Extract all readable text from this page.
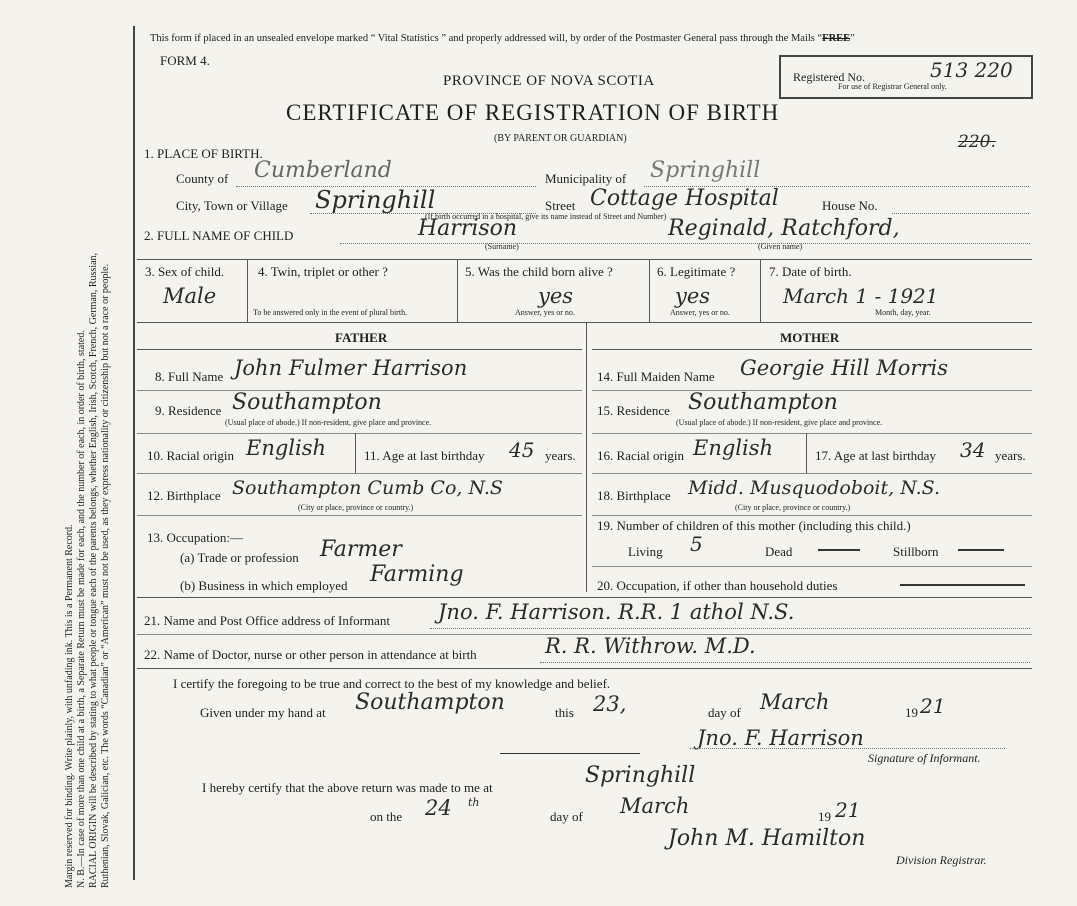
Margin reserved for binding. Write plainly, with unfading ink. This is a Permanent Record. N. B.—In case of more than one child at a birth, a Separate Return must be made for each, and the number of each, in order of birth, stated. RACIAL ORIGIN will be described by stating to what people or tongue each of the parents belongs, whether English, Irish, Scotch, French, German, Russian, Ruthenian, Slovak, Galician, etc. The words “Canadian” or “American” must not be used, as they express nationality or citizenship but not a race or people.
This form if placed in an unsealed envelope marked “ Vital Statistics ” and properly addressed will, by order of the Postmaster General pass through the Mails “FREE”
FORM 4.
Registered No.	513 220
For use of Registrar General only.
PROVINCE OF NOVA SCOTIA
CERTIFICATE OF REGISTRATION OF BIRTH
(BY PARENT OR GUARDIAN)	220.
1. PLACE OF BIRTH.
County of Cumberland	Municipality of Springhill
City, Town or Village Springhill	Street Cottage Hospital	House No.
(If birth occurred in a hospital, give its name instead of Street and Number)
2. FULL NAME OF CHILD	Harrison
(Surname)
Reginald, Ratchford,
(Given name)
3. Sex of child.
Male
4. Twin, triplet or other ?
To be answered only in the event of plural birth.
5. Was the child born alive ?
yes
Answer, yes or no.
6. Legitimate ?
yes
Answer, yes or no.
7. Date of birth.
March 1 - 1921
Month, day, year.
FATHER	MOTHER
8. Full Name John Fulmer Harrison
9. Residence Southampton
(Usual place of abode.) If non-resident, give place and province.
10. Racial origin English	11. Age at last birthday 45 years.
12. Birthplace Southampton Cumb Co, N.S
(City or place, province or country.)
13. Occupation:—
(a) Trade or profession Farmer
(b) Business in which employed Farming
14. Full Maiden Name Georgie Hill Morris
15. Residence Southampton
(Usual place of abode.) If non-resident, give place and province.
16. Racial origin English	17. Age at last birthday 34 years.
18. Birthplace Midd. Musquodoboit, N.S.
(City or place, province or country.)
19. Number of children of this mother (including this child.)
Living 5	Dead	Stillborn
20. Occupation, if other than household duties
21. Name and Post Office address of Informant Jno. F. Harrison. R.R. 1 athol N.S.
22. Name of Doctor, nurse or other person in attendance at birth	R. R. Withrow. M.D.
I certify the foregoing to be true and correct to the best of my knowledge and belief.
Given under my hand at Southampton	this 23,	day of March	19 21
Jno. F. Harrison
Signature of Informant.
I hereby certify that the above return was made to me at	Springhill
on the 24 th
day of March	19 21
John M. Hamilton
Division Registrar.
